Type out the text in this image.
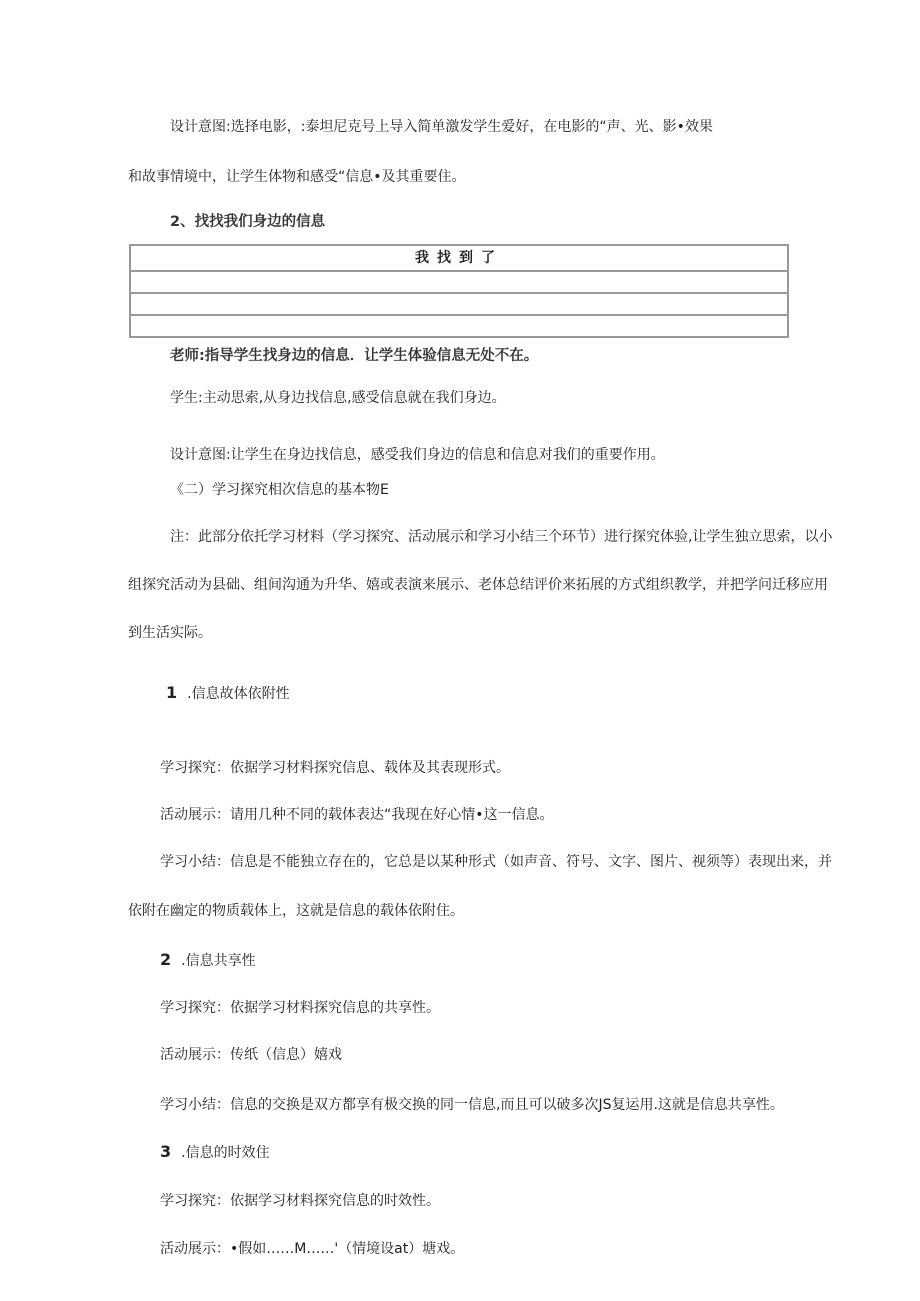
设计意图:选择电影，:泰坦尼克号上导入简单激发学生爱好，在电影的“声、光、影•效果
和故事情境中，让学生体物和感受“信息•及其重要住。
2、找找我们身边的信息
我找到了
老师:指导学生找身边的信息．让学生体验信息无处不在。
学生:主动思索,从身边找信息,感受信息就在我们身边。
设计意图:让学生在身边找信息，感受我们身边的信息和信息对我们的重要作用。
《二）学习探究相次信息的基本物E
注：此部分依托学习材料（学习探究、活动展示和学习小结三个环节）进行探究体验,让学生独立思索，以小
组探究活动为县础、组间沟通为升华、嬉或表演来展示、老体总结评价来拓展的方式组织教学，并把学问迁移应用
到生活实际。
1 .信息故体依附性
学习探究：依据学习材料探究信息、载体及其表现形式。
活动展示：请用几种不同的载体表达“我现在好心情•这一信息。
学习小结：信息是不能独立存在的，它总是以某种形式（如声音、符号、文字、图片、视须等）表现出来，并
依附在幽定的物质载体上，这就是信息的载体依附住。
2 .信息共享性
学习探究：依据学习材料探究信息的共享性。
活动展示：传纸（信息）嬉戏
学习小结：信息的交换是双方都享有极交换的同一信息,而且可以破多次JS复运用.这就是信息共享性。
3 .信息的时效住
学习探究：依据学习材料探究信息的时效性。
活动展示：•假如……M……'（情境设at）塘戏。
